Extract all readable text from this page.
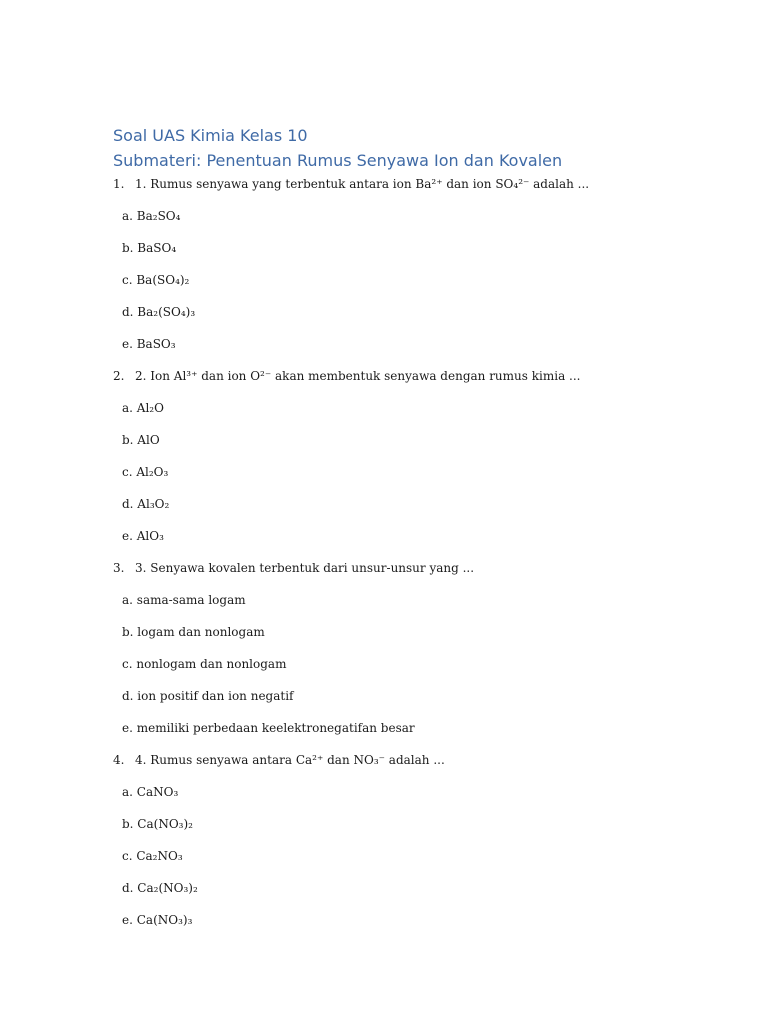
Soal UAS Kimia Kelas 10
Submateri: Penentuan Rumus Senyawa Ion dan Kovalen
1. 1. Rumus senyawa yang terbentuk antara ion Ba²⁺ dan ion SO₄²⁻ adalah ...
a. Ba₂SO₄
b. BaSO₄
c. Ba(SO₄)₂
d. Ba₂(SO₄)₃
e. BaSO₃
2. 2. Ion Al³⁺ dan ion O²⁻ akan membentuk senyawa dengan rumus kimia ...
a. Al₂O
b. AlO
c. Al₂O₃
d. Al₃O₂
e. AlO₃
3. 3. Senyawa kovalen terbentuk dari unsur-unsur yang ...
a. sama-sama logam
b. logam dan nonlogam
c. nonlogam dan nonlogam
d. ion positif dan ion negatif
e. memiliki perbedaan keelektronegatifan besar
4. 4. Rumus senyawa antara Ca²⁺ dan NO₃⁻ adalah ...
a. CaNO₃
b. Ca(NO₃)₂
c. Ca₂NO₃
d. Ca₂(NO₃)₂
e. Ca(NO₃)₃
